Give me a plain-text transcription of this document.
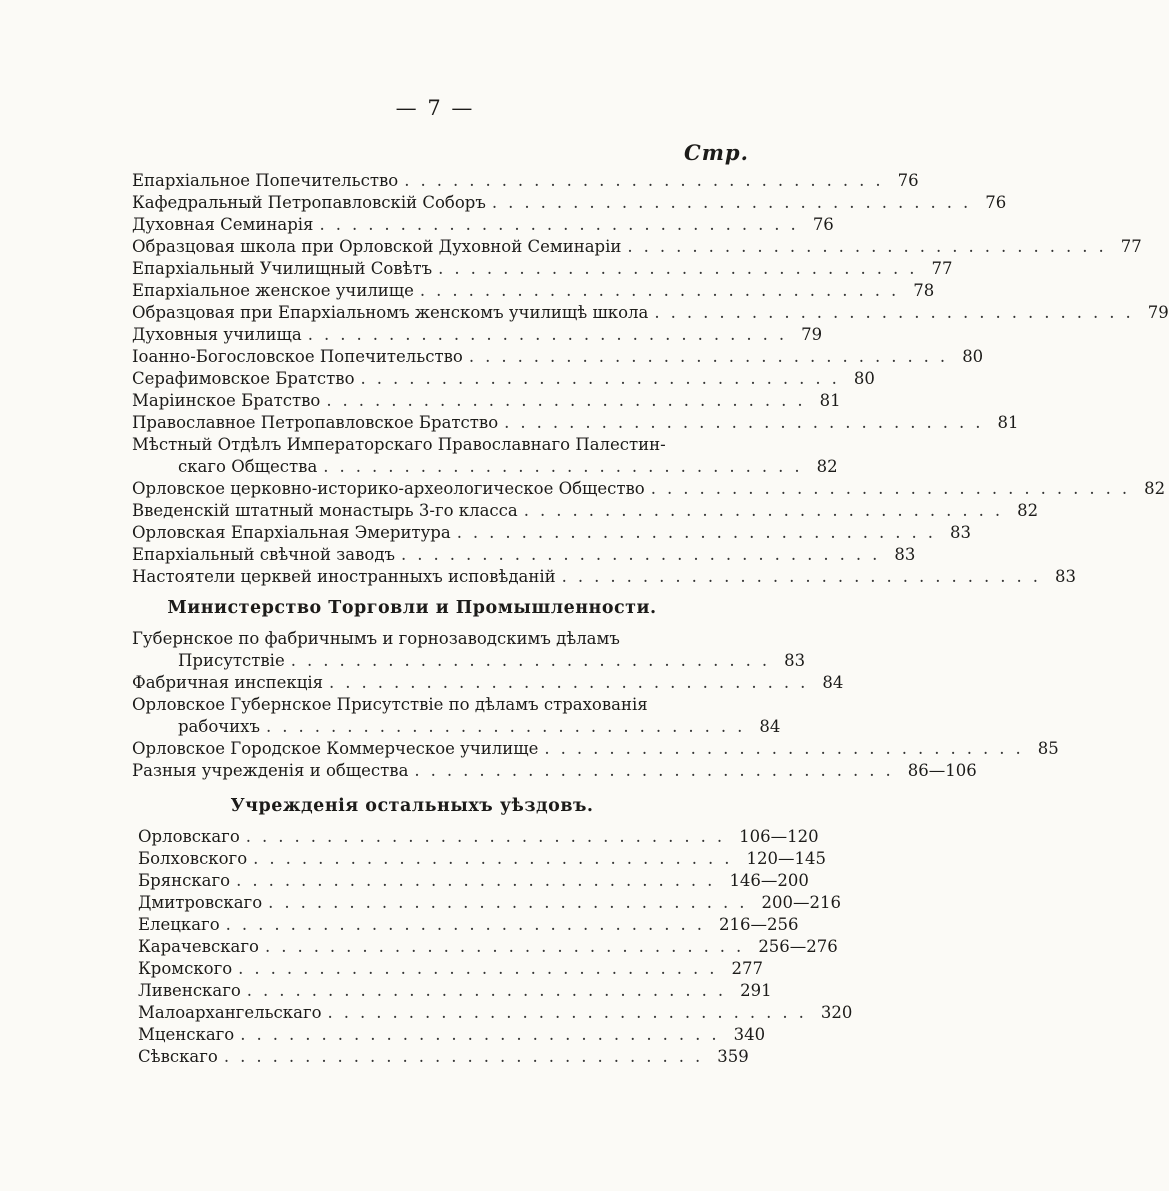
— 7 —
Стр.
Епархіальное Попечительство .............................. 76
Кафедральный Петропавловскій Соборъ .............................. 76
Духовная Семинарія .............................. 76
Образцовая школа при Орловской Духовной Семинаріи .............................. 77
Епархіальный Училищный Совѣтъ .............................. 77
Епархіальное женское училище .............................. 78
Образцовая при Епархіальномъ женскомъ училищѣ школа .............................. 79
Духовныя училища .............................. 79
Іоанно-Богословское Попечительство .............................. 80
Серафимовское Братство .............................. 80
Маріинское Братство .............................. 81
Православное Петропавловское Братство .............................. 81
Мѣстный Отдѣлъ Императорскаго Православнаго Палестин-
скаго Общества .............................. 82
Орловское церковно-историко-археологическое Общество .............................. 82
Введенскій штатный монастырь 3-го класса .............................. 82
Орловская Епархіальная Эмеритура .............................. 83
Епархіальный свѣчной заводъ .............................. 83
Настоятели церквей иностранныхъ исповѣданій .............................. 83
Министерство Торговли и Промышленности.
Губернское по фабричнымъ и горнозаводскимъ дѣламъ
Присутствіе .............................. 83
Фабричная инспекція .............................. 84
Орловское Губернское Присутствіе по дѣламъ страхованія
рабочихъ .............................. 84
Орловское Городское Коммерческое училище .............................. 85
Разныя учрежденія и общества .............................. 86—106
Учрежденія остальныхъ уѣздовъ.
Орловскаго .............................. 106—120
Болховского .............................. 120—145
Брянскаго .............................. 146—200
Дмитровскаго .............................. 200—216
Елецкаго .............................. 216—256
Карачевскаго .............................. 256—276
Кромского .............................. 277
Ливенскаго .............................. 291
Малоархангельскаго .............................. 320
Мценскаго .............................. 340
Сѣвскаго .............................. 359
